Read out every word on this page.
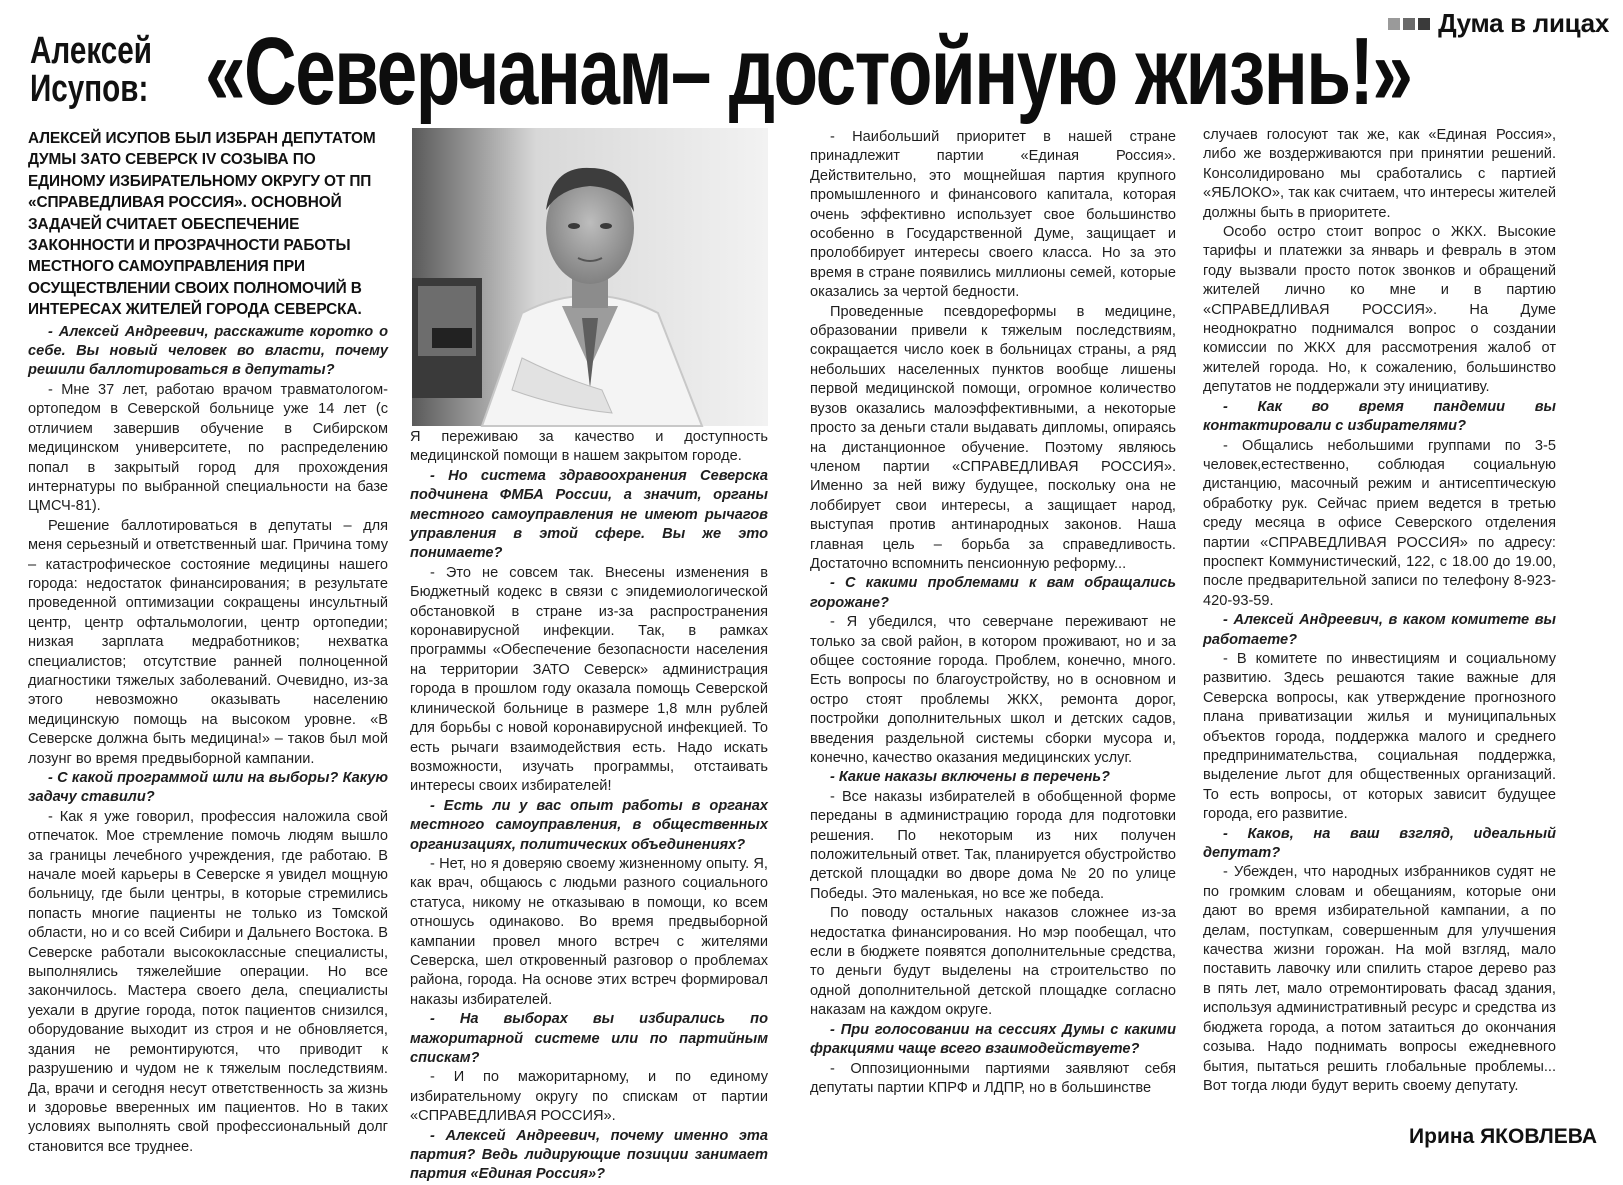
Дума в лицах
Алексей
Исупов: «Северчанам– достойную жизнь!»
АЛЕКСЕЙ ИСУПОВ БЫЛ ИЗБРАН ДЕПУТАТОМ ДУМЫ ЗАТО СЕВЕРСК IV СОЗЫВА ПО ЕДИНОМУ ИЗБИРАТЕЛЬНОМУ ОКРУГУ ОТ ПП «СПРАВЕДЛИВАЯ РОССИЯ». ОСНОВНОЙ ЗАДАЧЕЙ СЧИТАЕТ ОБЕСПЕЧЕНИЕ ЗАКОННОСТИ И ПРОЗРАЧНОСТИ РАБОТЫ МЕСТНОГО САМОУПРАВЛЕНИЯ ПРИ ОСУЩЕСТВЛЕНИИ СВОИХ ПОЛНОМОЧИЙ В ИНТЕРЕСАХ ЖИТЕЛЕЙ ГОРОДА СЕВЕРСКА.
- Алексей Андреевич, расскажите коротко о себе. Вы новый человек во власти, почему решили баллотироваться в депутаты?
- Мне 37 лет, работаю врачом травматологом-ортопедом в Северской больнице уже 14 лет (с отличием завершив обучение в Сибирском медицинском университете, по распределению попал в закрытый город для прохождения интернатуры по выбранной специальности на базе ЦМСЧ-81).
Решение баллотироваться в депутаты – для меня серьезный и ответственный шаг. Причина тому – катастрофическое состояние медицины нашего города: недостаток финансирования; в результате проведенной оптимизации сокращены инсультный центр, центр офтальмологии, центр ортопедии; низкая зарплата медработников; нехватка специалистов; отсутствие ранней полноценной диагностики тяжелых заболеваний. Очевидно, из-за этого невозможно оказывать населению медицинскую помощь на высоком уровне. «В Северске должна быть медицина!» – таков был мой лозунг во время предвыборной кампании.
- С какой программой шли на выборы? Какую задачу ставили?
- Как я уже говорил, профессия наложила свой отпечаток. Мое стремление помочь людям вышло за границы лечебного учреждения, где работаю. В начале моей карьеры в Северске я увидел мощную больницу, где были центры, в которые стремились попасть многие пациенты не только из Томской области, но и со всей Сибири и Дальнего Востока. В Северске работали высококлассные специалисты, выполнялись тяжелейшие операции. Но все закончилось. Мастера своего дела, специалисты уехали в другие города, поток пациентов снизился, оборудование выходит из строя и не обновляется, здания не ремонтируются, что приводит к разрушению и чудом не к тяжелым последствиям. Да, врачи и сегодня несут ответственность за жизнь и здоровье вверенных им пациентов. Но в таких условиях выполнять свой профессиональный долг становится все труднее.
Я переживаю за качество и доступность медицинской помощи в нашем закрытом городе.
- Но система здравоохранения Северска подчинена ФМБА России, а значит, органы местного самоуправления не имеют рычагов управления в этой сфере. Вы же это понимаете?
- Это не совсем так. Внесены изменения в Бюджетный кодекс в связи с эпидемиологической обстановкой в стране из-за распространения коронавирусной инфекции. Так, в рамках программы «Обеспечение безопасности населения на территории ЗАТО Северск» администрация города в прошлом году оказала помощь Северской клинической больнице в размере 1,8 млн рублей для борьбы с новой коронавирусной инфекцией. То есть рычаги взаимодействия есть. Надо искать возможности, изучать программы, отстаивать интересы своих избирателей!
- Есть ли у вас опыт работы в органах местного самоуправления, в общественных организациях, политических объединениях?
- Нет, но я доверяю своему жизненному опыту. Я, как врач, общаюсь с людьми разного социального статуса, никому не отказываю в помощи, ко всем отношусь одинаково. Во время предвыборной кампании провел много встреч с жителями Северска, шел откровенный разговор о проблемах района, города. На основе этих встреч формировал наказы избирателей.
- На выборах вы избирались по мажоритарной системе или по партийным спискам?
- И по мажоритарному, и по единому избирательному округу по спискам от партии «СПРАВЕДЛИВАЯ РОССИЯ».
- Алексей Андреевич, почему именно эта партия? Ведь лидирующие позиции занимает партия «Единая Россия»?
- Наибольший приоритет в нашей стране принадлежит партии «Единая Россия». Действительно, это мощнейшая партия крупного промышленного и финансового капитала, которая очень эффективно использует свое большинство особенно в Государственной Думе, защищает и пролоббирует интересы своего класса. Но за это время в стране появились миллионы семей, которые оказались за чертой бедности.
Проведенные псевдореформы в медицине, образовании привели к тяжелым последствиям, сокращается число коек в больницах страны, а ряд небольших населенных пунктов вообще лишены первой медицинской помощи, огромное количество вузов оказались малоэффективными, а некоторые просто за деньги стали выдавать дипломы, опираясь на дистанционное обучение. Поэтому являюсь членом партии «СПРАВЕДЛИВАЯ РОССИЯ». Именно за ней вижу будущее, поскольку она не лоббирует свои интересы, а защищает народ, выступая против антинародных законов. Наша главная цель – борьба за справедливость. Достаточно вспомнить пенсионную реформу...
- С какими проблемами к вам обращались горожане?
- Я убедился, что северчане переживают не только за свой район, в котором проживают, но и за общее состояние города. Проблем, конечно, много. Есть вопросы по благоустройству, но в основном и остро стоят проблемы ЖКХ, ремонта дорог, постройки дополнительных школ и детских садов, введения раздельной системы сборки мусора и, конечно, качество оказания медицинских услуг.
- Какие наказы включены в перечень?
- Все наказы избирателей в обобщенной форме переданы в администрацию города для подготовки решения. По некоторым из них получен положительный ответ. Так, планируется обустройство детской площадки во дворе дома № 20 по улице Победы. Это маленькая, но все же победа.
По поводу остальных наказов сложнее из-за недостатка финансирования. Но мэр пообещал, что если в бюджете появятся дополнительные средства, то деньги будут выделены на строительство по одной дополнительной детской площадке согласно наказам на каждом округе.
- При голосовании на сессиях Думы с какими фракциями чаще всего взаимодействуете?
- Оппозиционными партиями заявляют себя депутаты партии КПРФ и ЛДПР, но в большинстве
случаев голосуют так же, как «Единая Россия», либо же воздерживаются при принятии решений. Консолидировано мы сработались с партией «ЯБЛОКО», так как считаем, что интересы жителей должны быть в приоритете.
Особо остро стоит вопрос о ЖКХ. Высокие тарифы и платежки за январь и февраль в этом году вызвали просто поток звонков и обращений жителей лично ко мне и в партию «СПРАВЕДЛИВАЯ РОССИЯ». На Думе неоднократно поднимался вопрос о создании комиссии по ЖКХ для рассмотрения жалоб от жителей города. Но, к сожалению, большинство депутатов не поддержали эту инициативу.
- Как во время пандемии вы контактировали с избирателями?
- Общались небольшими группами по 3-5 человек,естественно, соблюдая социальную дистанцию, масочный режим и антисептическую обработку рук. Сейчас прием ведется в третью среду месяца в офисе Северского отделения партии «СПРАВЕДЛИВАЯ РОССИЯ» по адресу: проспект Коммунистический, 122, с 18.00 до 19.00, после предварительной записи по телефону 8-923-420-93-59.
- Алексей Андреевич, в каком комитете вы работаете?
- В комитете по инвестициям и социальному развитию. Здесь решаются такие важные для Северска вопросы, как утверждение прогнозного плана приватизации жилья и муниципальных объектов города, поддержка малого и среднего предпринимательства, социальная поддержка, выделение льгот для общественных организаций. То есть вопросы, от которых зависит будущее города, его развитие.
- Каков, на ваш взгляд, идеальный депутат?
- Убежден, что народных избранников судят не по громким словам и обещаниям, которые они дают во время избирательной кампании, а по делам, поступкам, совершенным для улучшения качества жизни горожан. На мой взгляд, мало поставить лавочку или спилить старое дерево раз в пять лет, мало отремонтировать фасад здания, используя административный ресурс и средства из бюджета города, а потом затаиться до окончания созыва. Надо поднимать вопросы ежедневного бытия, пытаться решить глобальные проблемы... Вот тогда люди будут верить своему депутату.
Ирина ЯКОВЛЕВА
